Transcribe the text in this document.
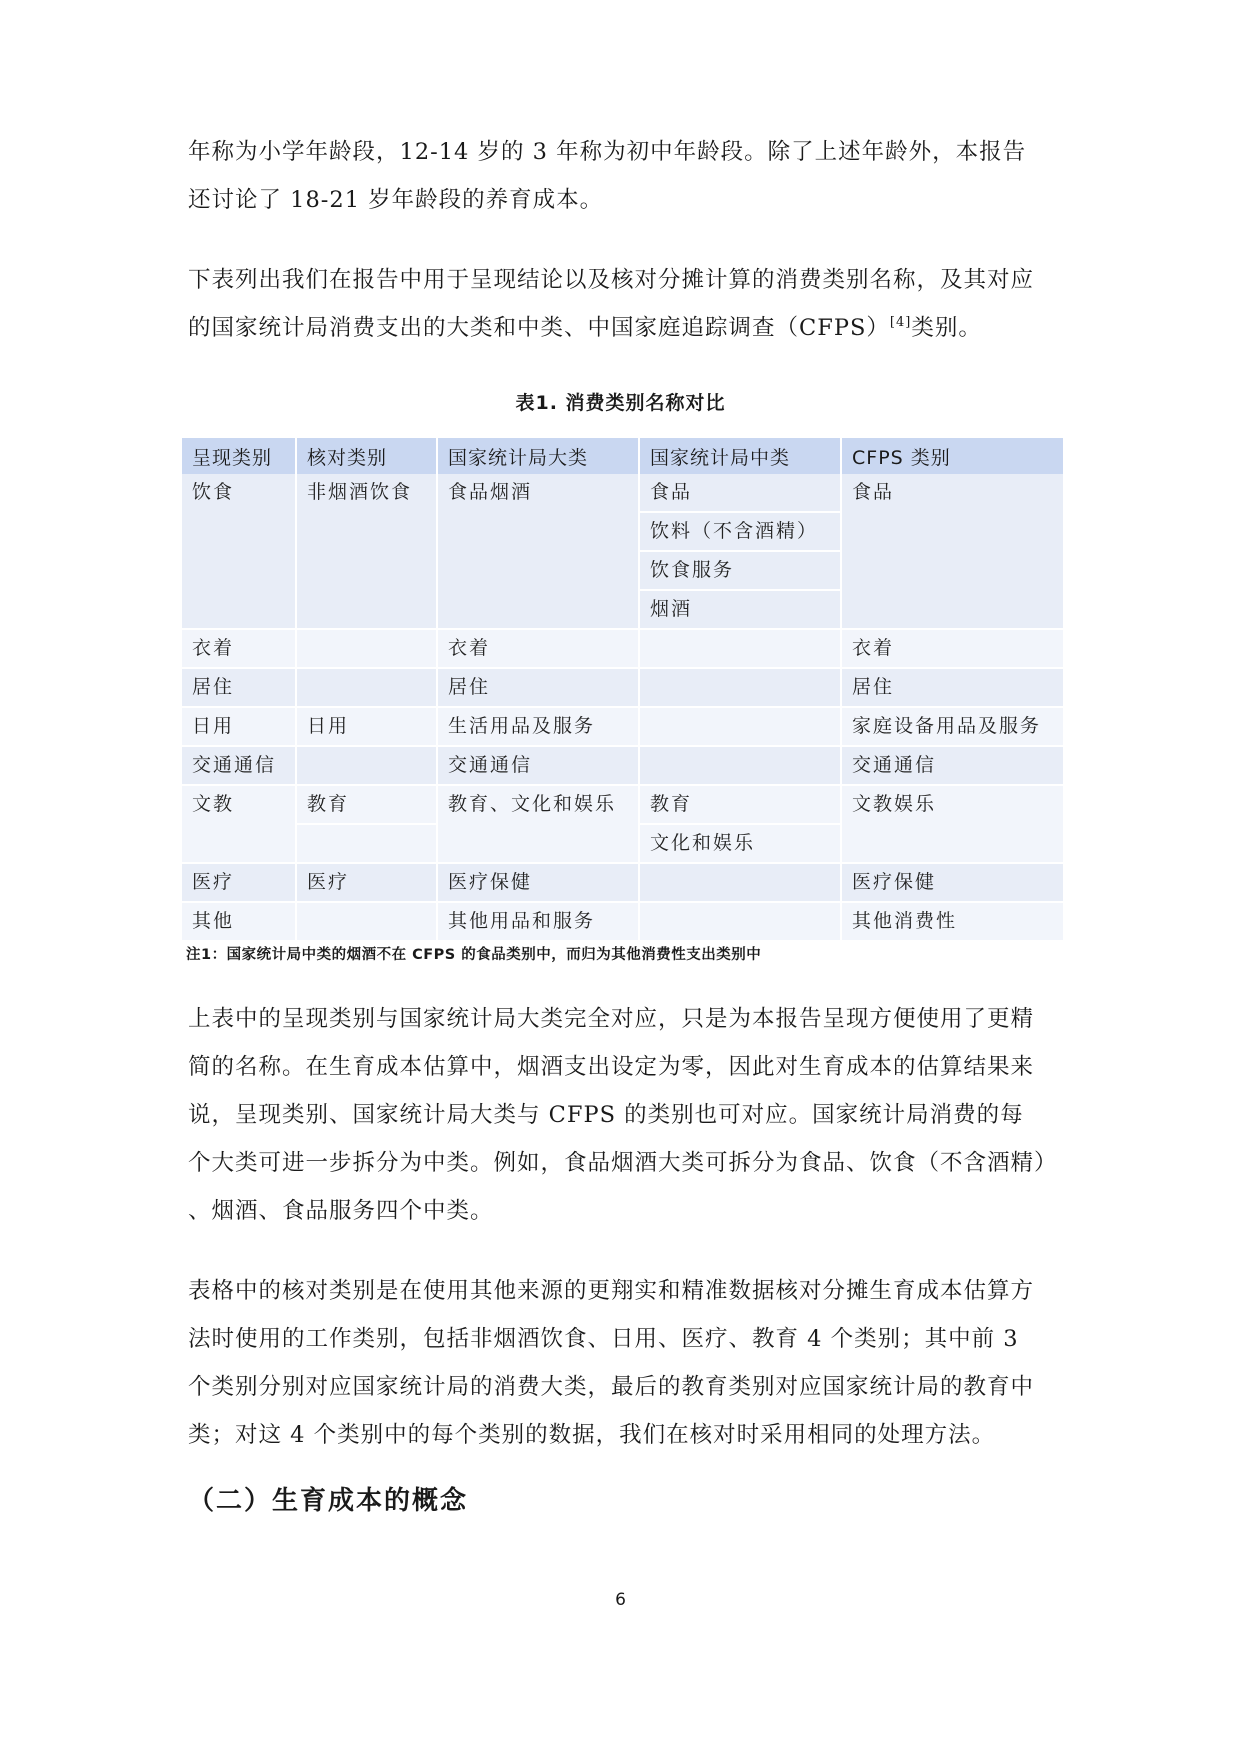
年称为小学年龄段，12-14 岁的 3 年称为初中年龄段。除了上述年龄外，本报告
还讨论了 18-21 岁年龄段的养育成本。

下表列出我们在报告中用于呈现结论以及核对分摊计算的消费类别名称，及其对应
的国家统计局消费支出的大类和中类、中国家庭追踪调查（CFPS）[4]类别。

表1. 消费类别名称对比

呈现类别	核对类别	国家统计局大类	国家统计局中类	CFPS 类别
饮食	非烟酒饮食	食品烟酒	食品	食品
			饮料（不含酒精）	
			饮食服务	
			烟酒	
衣着		衣着		衣着
居住		居住		居住
日用	日用	生活用品及服务		家庭设备用品及服务
交通通信		交通通信		交通通信
文教	教育	教育、文化和娱乐	教育	文教娱乐
			文化和娱乐	
医疗	医疗	医疗保健		医疗保健
其他		其他用品和服务		其他消费性

注1：国家统计局中类的烟酒不在 CFPS 的食品类别中，而归为其他消费性支出类别中

上表中的呈现类别与国家统计局大类完全对应，只是为本报告呈现方便使用了更精
简的名称。在生育成本估算中，烟酒支出设定为零，因此对生育成本的估算结果来
说，呈现类别、国家统计局大类与 CFPS 的类别也可对应。国家统计局消费的每
个大类可进一步拆分为中类。例如，食品烟酒大类可拆分为食品、饮食（不含酒精）
、烟酒、食品服务四个中类。

表格中的核对类别是在使用其他来源的更翔实和精准数据核对分摊生育成本估算方
法时使用的工作类别，包括非烟酒饮食、日用、医疗、教育 4 个类别；其中前 3
个类别分别对应国家统计局的消费大类，最后的教育类别对应国家统计局的教育中
类；对这 4 个类别中的每个类别的数据，我们在核对时采用相同的处理方法。

（二）生育成本的概念

6
